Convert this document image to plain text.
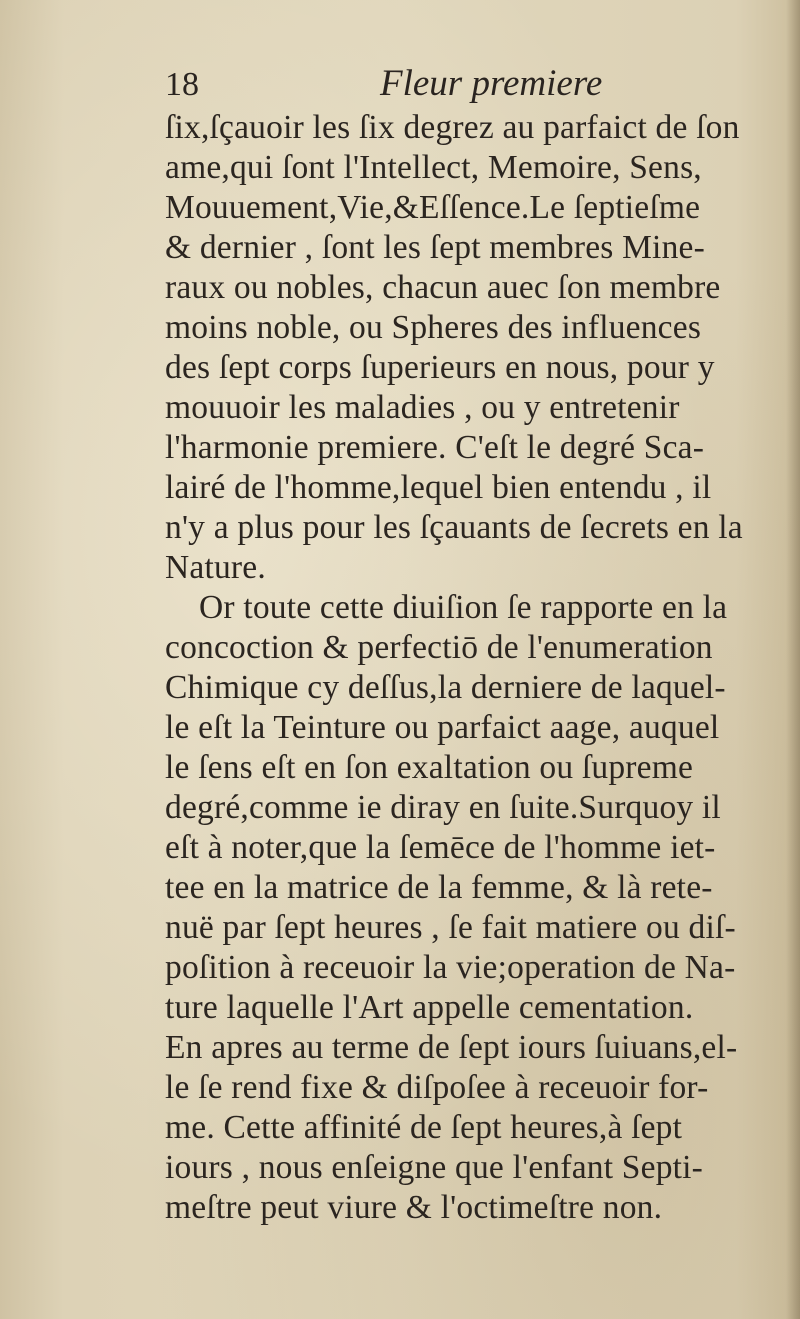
18	Fleur premiere
ſix,ſçauoir les ſix degrez au parfaict de ſon
ame,qui ſont l'Intellect, Memoire, Sens,
Mouuement,Vie,&Eſſence.Le ſeptieſme
& dernier , ſont les ſept membres Mine-
raux ou nobles, chacun auec ſon membre
moins noble, ou Spheres des influences
des ſept corps ſuperieurs en nous, pour y
mouuoir les maladies , ou y entretenir
l'harmonie premiere. C'eſt le degré Sca-
lairé de l'homme,lequel bien entendu , il
n'y a plus pour les ſçauants de ſecrets en la
Nature.
Or toute cette diuiſion ſe rapporte en la
concoction & perfectiō de l'enumeration
Chimique cy deſſus,la derniere de laquel-
le eſt la Teinture ou parfaict aage, auquel
le ſens eſt en ſon exaltation ou ſupreme
degré,comme ie diray en ſuite.Surquoy il
eſt à noter,que la ſemēce de l'homme iet-
tee en la matrice de la femme, & là rete-
nuë par ſept heures , ſe fait matiere ou diſ-
poſition à receuoir la vie;operation de Na-
ture laquelle l'Art appelle cementation.
En apres au terme de ſept iours ſuiuans,el-
le ſe rend fixe & diſpoſee à receuoir for-
me. Cette affinité de ſept heures,à ſept
iours , nous enſeigne que l'enfant Septi-
meſtre peut viure & l'octimeſtre non.
